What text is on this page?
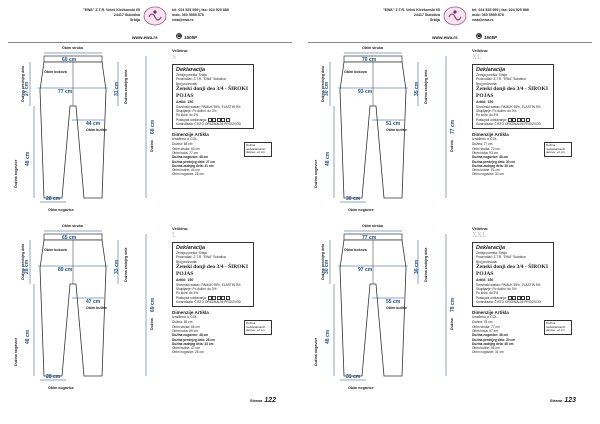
"EWA" Z.T.R. Veleš Klečkovski 65
24417 Subotica
Srbija
tel: 024 525 999 | fax: 024 525 888
mob: 060 5555 878
ewa@ewa.rs
www.ewa.rs	☎ 1505P
Obim struka
60 cm
Obim bokova
77 cm
44 cm
Obim butine
28 cm
Obim nogavice
Dužina prednjeg dela 27 cm	Dužina zadnjeg dela
31 cm
Dužina nogavice
48 cm
Dužina
68 cm
Veličina:
S
Deklaracija
Zemlja porekla: Srbija
Proizvođač: Z.T.R. "EWA" Subotica
Broj proizvoda:
Ženski donji deo 3/4 - ŠIROKI POJAS
Artikl: 150
Sirovinski sastav: PAMUK 95%, ELASTIN 5%
Skupljanje: Po dužini: do 3%
Po širini: do 3%
Postupak održavanja:
Kontrolisala: ČISTO ORIGINALNI PROIZVOD
Dimenzije Artikla
Izrađeno u COL
Dužina nedeklarisanih delova: +2 cm
Dužina: 68 cm
Obim struka: 60 cm
Obim boka: 77 cm
Dužina nogavice: 48 cm
Dužina prednjeg dela: 27 cm
Dužina zadnjeg dela: 31 cm
Obim butine: 44 cm
Obim nogavice: 28 cm
Obim struka
65 cm
Obim bokova
89 cm
47 cm
Obim butine
28 cm
Obim nogavice
Dužina prednjeg dela 28 cm	Dužina zadnjeg dela
33 cm
Dužina nogavice
48 cm
Dužina
69 cm
Veličina:
L
Deklaracija
Zemlja porekla: Srbija
Proizvođač: Z.T.R. "EWA" Subotica
Broj proizvoda:
Ženski donji deo 3/4 - ŠIROKI POJAS
Artikl: 150
Sirovinski sastav: PAMUK 95%, ELASTIN 5%
Skupljanje: Po dužini: do 3%
Po širini: do 3%
Postupak održavanja:
Kontrolisala: ČISTO ORIGINALNI PROIZVOD
Dimenzije Artikla
Izrađeno u COL
Dužina nedeklarisanih delova: +2 cm
Dužina: 69 cm
Obim struka: 65 cm
Obim boka: 89 cm
Dužina nogavice: 48 cm
Dužina prednjeg dela: 28 cm
Dužina zadnjeg dela: 33 cm
Obim butine: 47 cm
Obim nogavice: 28 cm
Strana 122
"EWA" Z.T.R. Veleš Klečkovski 65
24417 Subotica
Srbija
tel: 024 525 999 | fax: 024 525 888
mob: 060 5555 878
ewa@ewa.rs
www.ewa.rs	☎ 1505P
Obim struka
70 cm
Obim bokova
93 cm
51 cm
Obim butine
30 cm
Obim nogavice
Dužina prednjeg dela 30 cm	Dužina zadnjeg dela
35 cm
Dužina nogavice
48 cm
Dužina
77 cm
Veličina:
XL
Deklaracija
Zemlja porekla: Srbija
Proizvođač: Z.T.R. "EWA" Subotica
Broj proizvoda:
Ženski donji deo 3/4 - ŠIROKI POJAS
Artikl: 150
Sirovinski sastav: PAMUK 95%, ELASTIN 5%
Skupljanje: Po dužini: do 3%
Po širini: do 3%
Postupak održavanja:
Kontrolisala: ČISTO ORIGINALNI PROIZVOD
Dimenzije Artikla
Izrađeno u COL
Dužina nedeklarisanih delova: +2 cm
Dužina: 77 cm
Obim struka: 70 cm
Obim boka: 93 cm
Dužina nogavice: 48 cm
Dužina prednjeg dela: 30 cm
Dužina zadnjeg dela: 35 cm
Obim butine: 51 cm
Obim nogavice: 30 cm
Obim struka
77 cm
Obim bokova
97 cm
55 cm
Obim butine
31 cm
Obim nogavice
Dužina prednjeg dela 30 cm	Dužina zadnjeg dela
36 cm
Dužina nogavice
48 cm
Dužina
78 cm
Veličina:
XXL
Deklaracija
Zemlja porekla: Srbija
Proizvođač: Z.T.R. "EWA" Subotica
Broj proizvoda:
Ženski donji deo 3/4 - ŠIROKI POJAS
Artikl: 150
Sirovinski sastav: PAMUK 95%, ELASTIN 5%
Skupljanje: Po dužini: do 3%
Po širini: do 3%
Postupak održavanja:
Kontrolisala: ČISTO ORIGINALNI PROIZVOD
Dimenzije Artikla
Izrađeno u COL
Dužina nedeklarisanih delova: +2 cm
Dužina: 78 cm
Obim struka: 77 cm
Obim boka: 97 cm
Dužina nogavice: 48 cm
Dužina prednjeg dela: 30 cm
Dužina zadnjeg dela: 36 cm
Obim butine: 55 cm
Obim nogavice: 31 cm
Strana 123
